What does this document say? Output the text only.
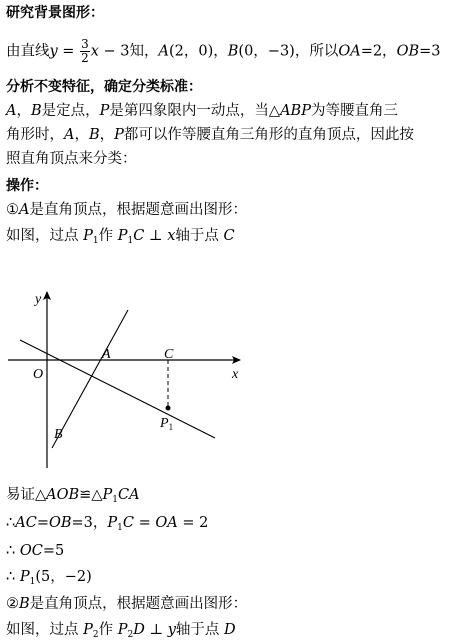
研究背景图形：
由直线$y = \frac{3}{2}$ x − 3知，A(2，0)，B(0，−3)，所以OA=2，OB=3
分析不变特征，确定分类标准：
A，B是定点，P是第四象限内一动点，当△ABP为等腰直角三
角形时，A，B，P都可以作等腰直角三角形的直角顶点，因此按
照直角顶点来分类：
操作：
①A是直角顶点，根据题意画出图形：
如图，过点 $P_1$作 $P_1C$ ⊥ x轴于点 C
y
x
O
A
B
C
$P_1$
易证$\triangle AOB≌\triangle P_1CA$
∴AC=OB=3，$P_1C$ = OA = 2
∴ OC=5
∴ $P_1(5$，−2)
②B是直角顶点，根据题意画出图形：
如图，过点 $P_2$作 $P_2D$ ⊥ y轴于点 D
